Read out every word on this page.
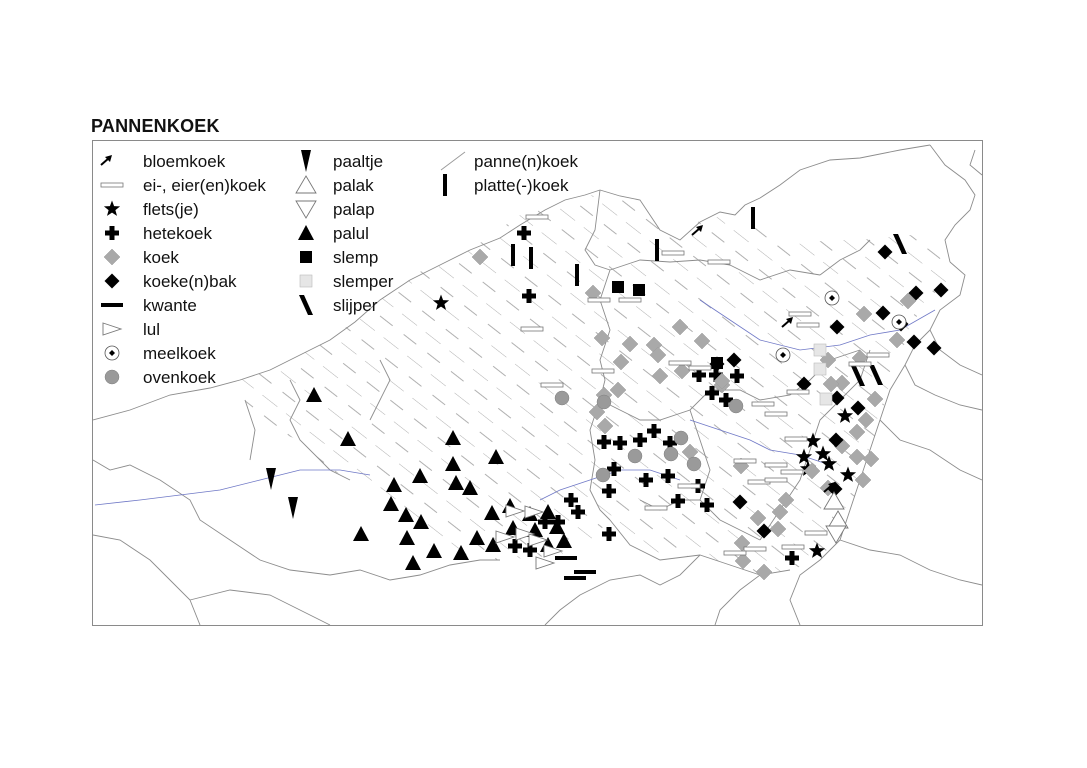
PANNENKOEK
bloemkoek
ei-, eier(en)koek
flets(je)
hetekoek
koek
koeke(n)bak
kwante
lul
meelkoek
ovenkoek
paaltje
palak
palap
palul
slemp
slemper
slijper
panne(n)koek
platte(-)koek
